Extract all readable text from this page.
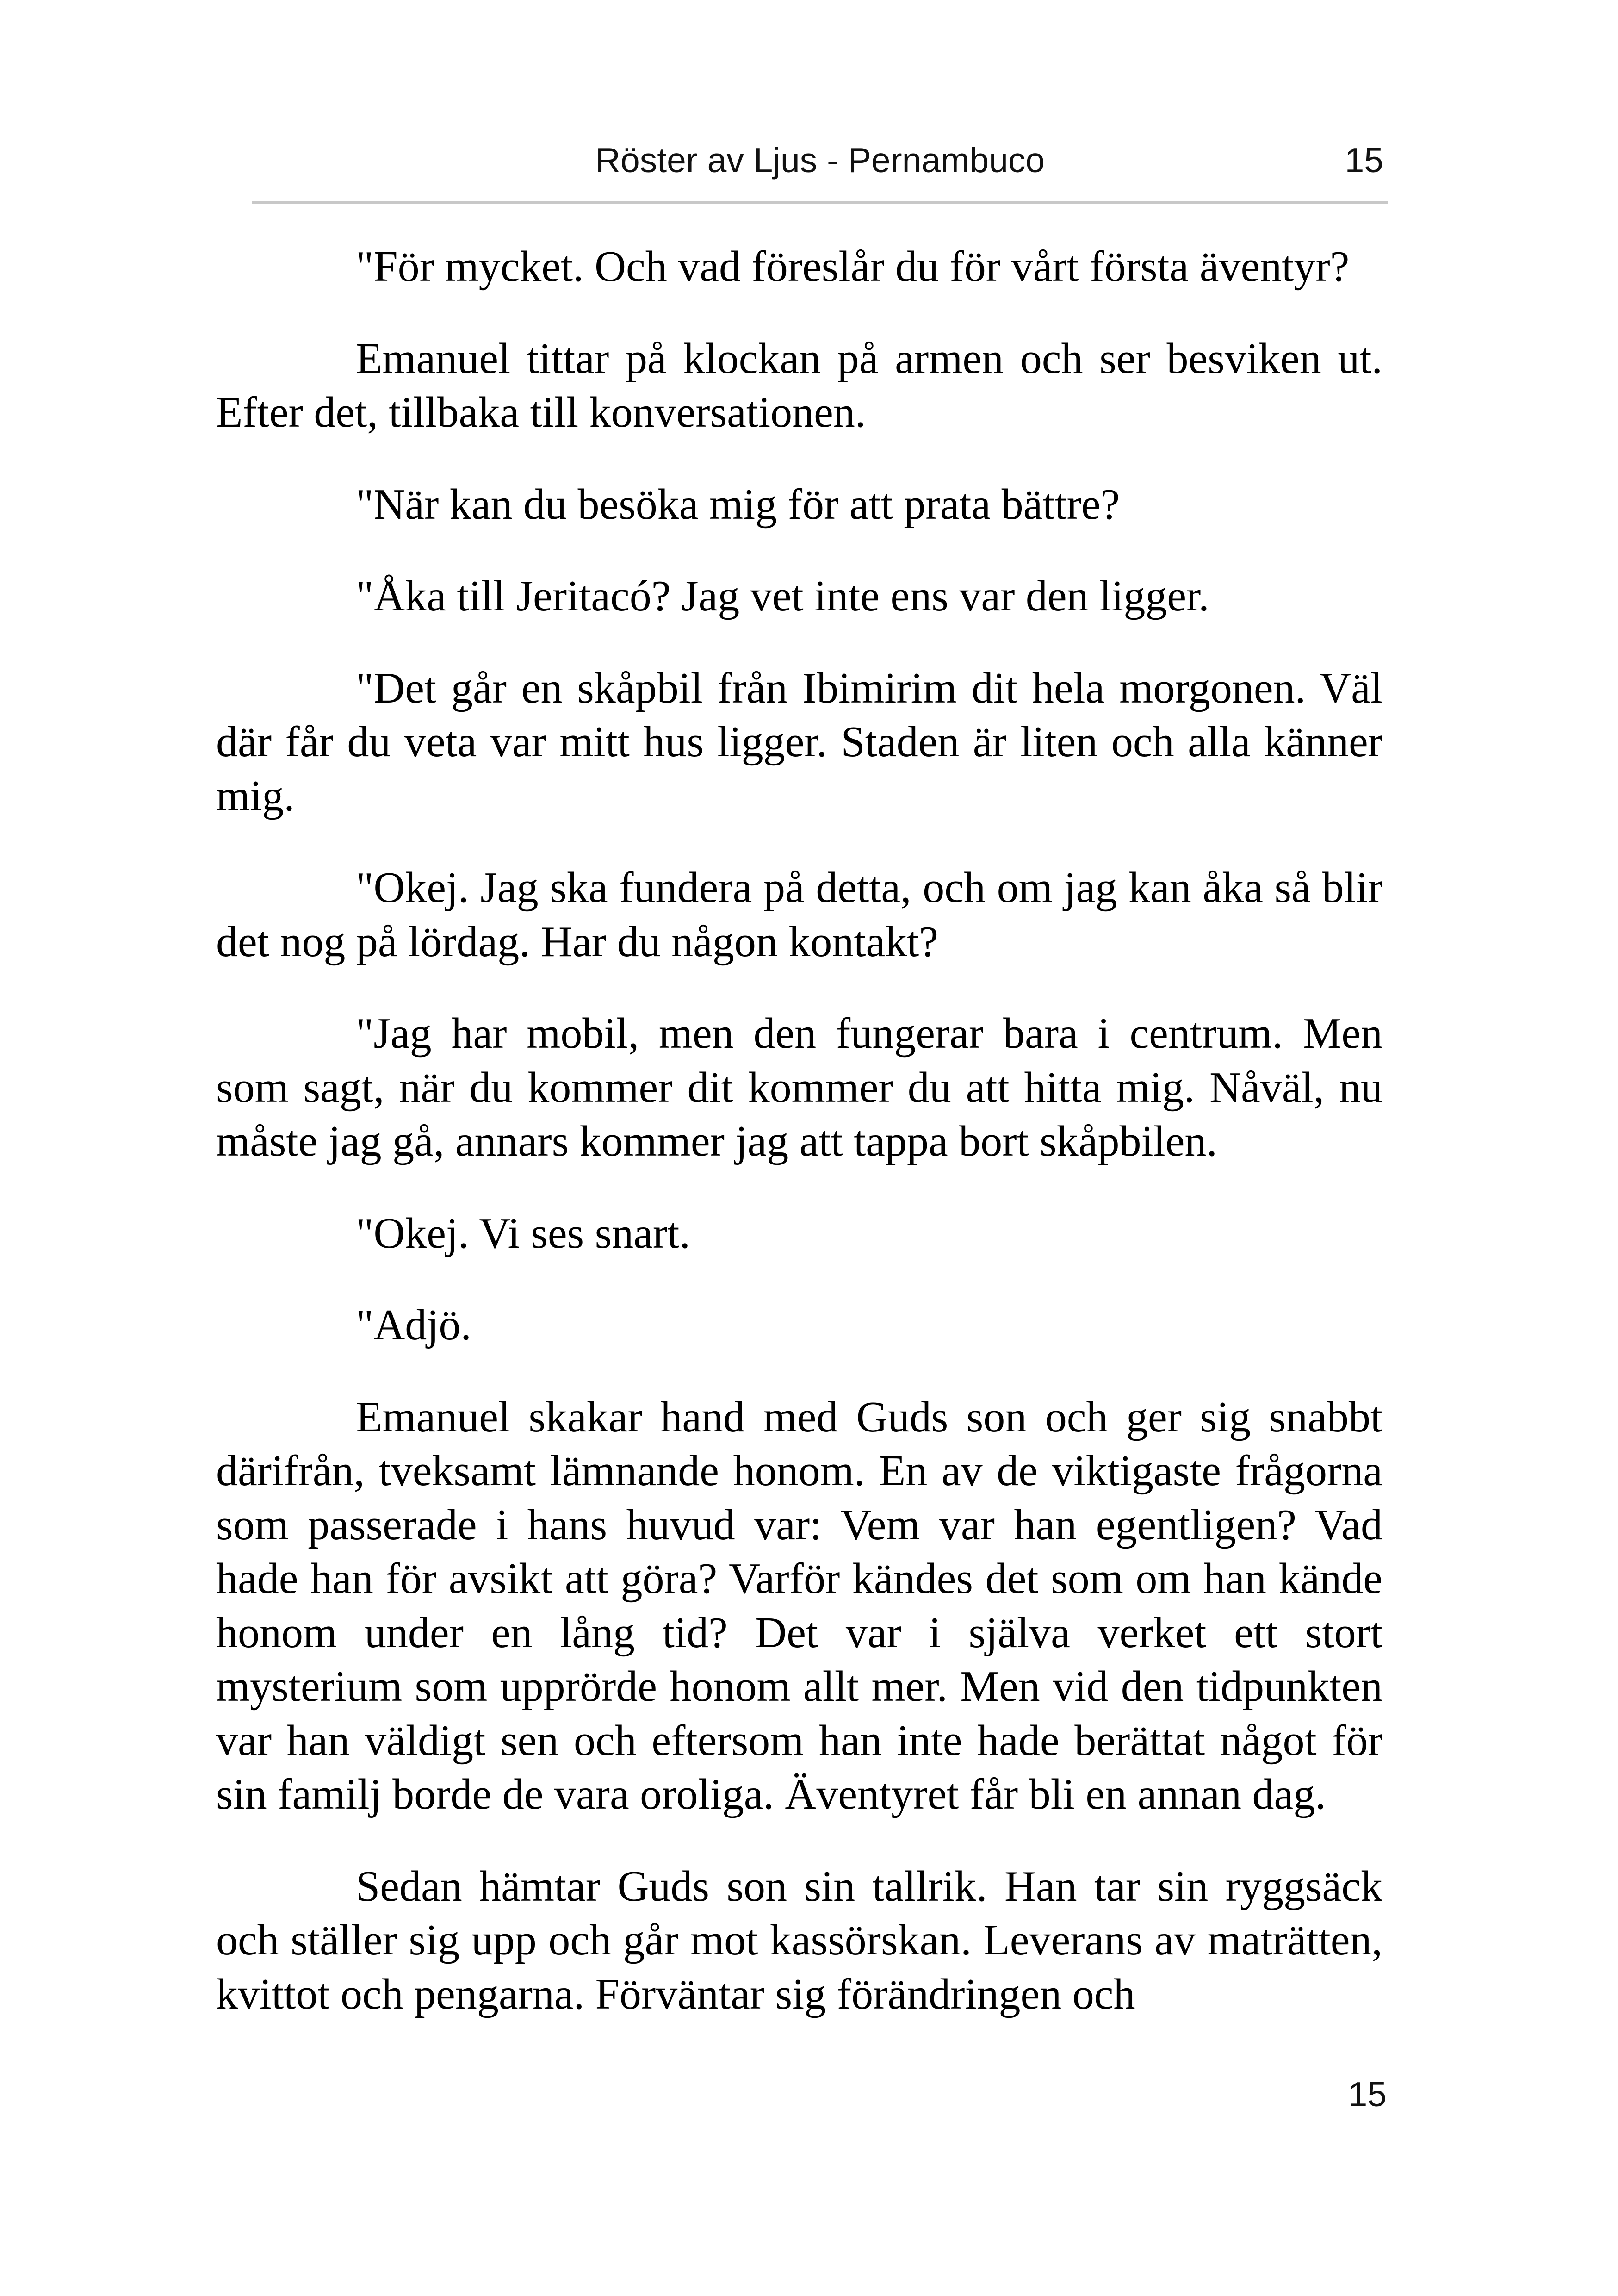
Röster av Ljus - Pernambuco	15

"För mycket. Och vad föreslår du för vårt första äventyr?

Emanuel tittar på klockan på armen och ser besviken ut. Efter det, tillbaka till konversationen.

"När kan du besöka mig för att prata bättre?

"Åka till Jeritacó? Jag vet inte ens var den ligger.

"Det går en skåpbil från Ibimirim dit hela morgonen. Väl där får du veta var mitt hus ligger. Staden är liten och alla känner mig.

"Okej. Jag ska fundera på detta, och om jag kan åka så blir det nog på lördag. Har du någon kontakt?

"Jag har mobil, men den fungerar bara i centrum. Men som sagt, när du kommer dit kommer du att hitta mig. Nåväl, nu måste jag gå, annars kommer jag att tappa bort skåpbilen.

"Okej. Vi ses snart.

"Adjö.

Emanuel skakar hand med Guds son och ger sig snabbt därifrån, tveksamt lämnande honom. En av de viktigaste frågorna som passerade i hans huvud var: Vem var han egentligen? Vad hade han för avsikt att göra? Varför kändes det som om han kände honom under en lång tid? Det var i själva verket ett stort mysterium som upprörde honom allt mer. Men vid den tidpunkten var han väldigt sen och eftersom han inte hade berättat något för sin familj borde de vara oroliga. Äventyret får bli en annan dag.

Sedan hämtar Guds son sin tallrik. Han tar sin ryggsäck och ställer sig upp och går mot kassörskan. Leverans av maträtten, kvittot och pengarna. Förväntar sig förändringen och

15
